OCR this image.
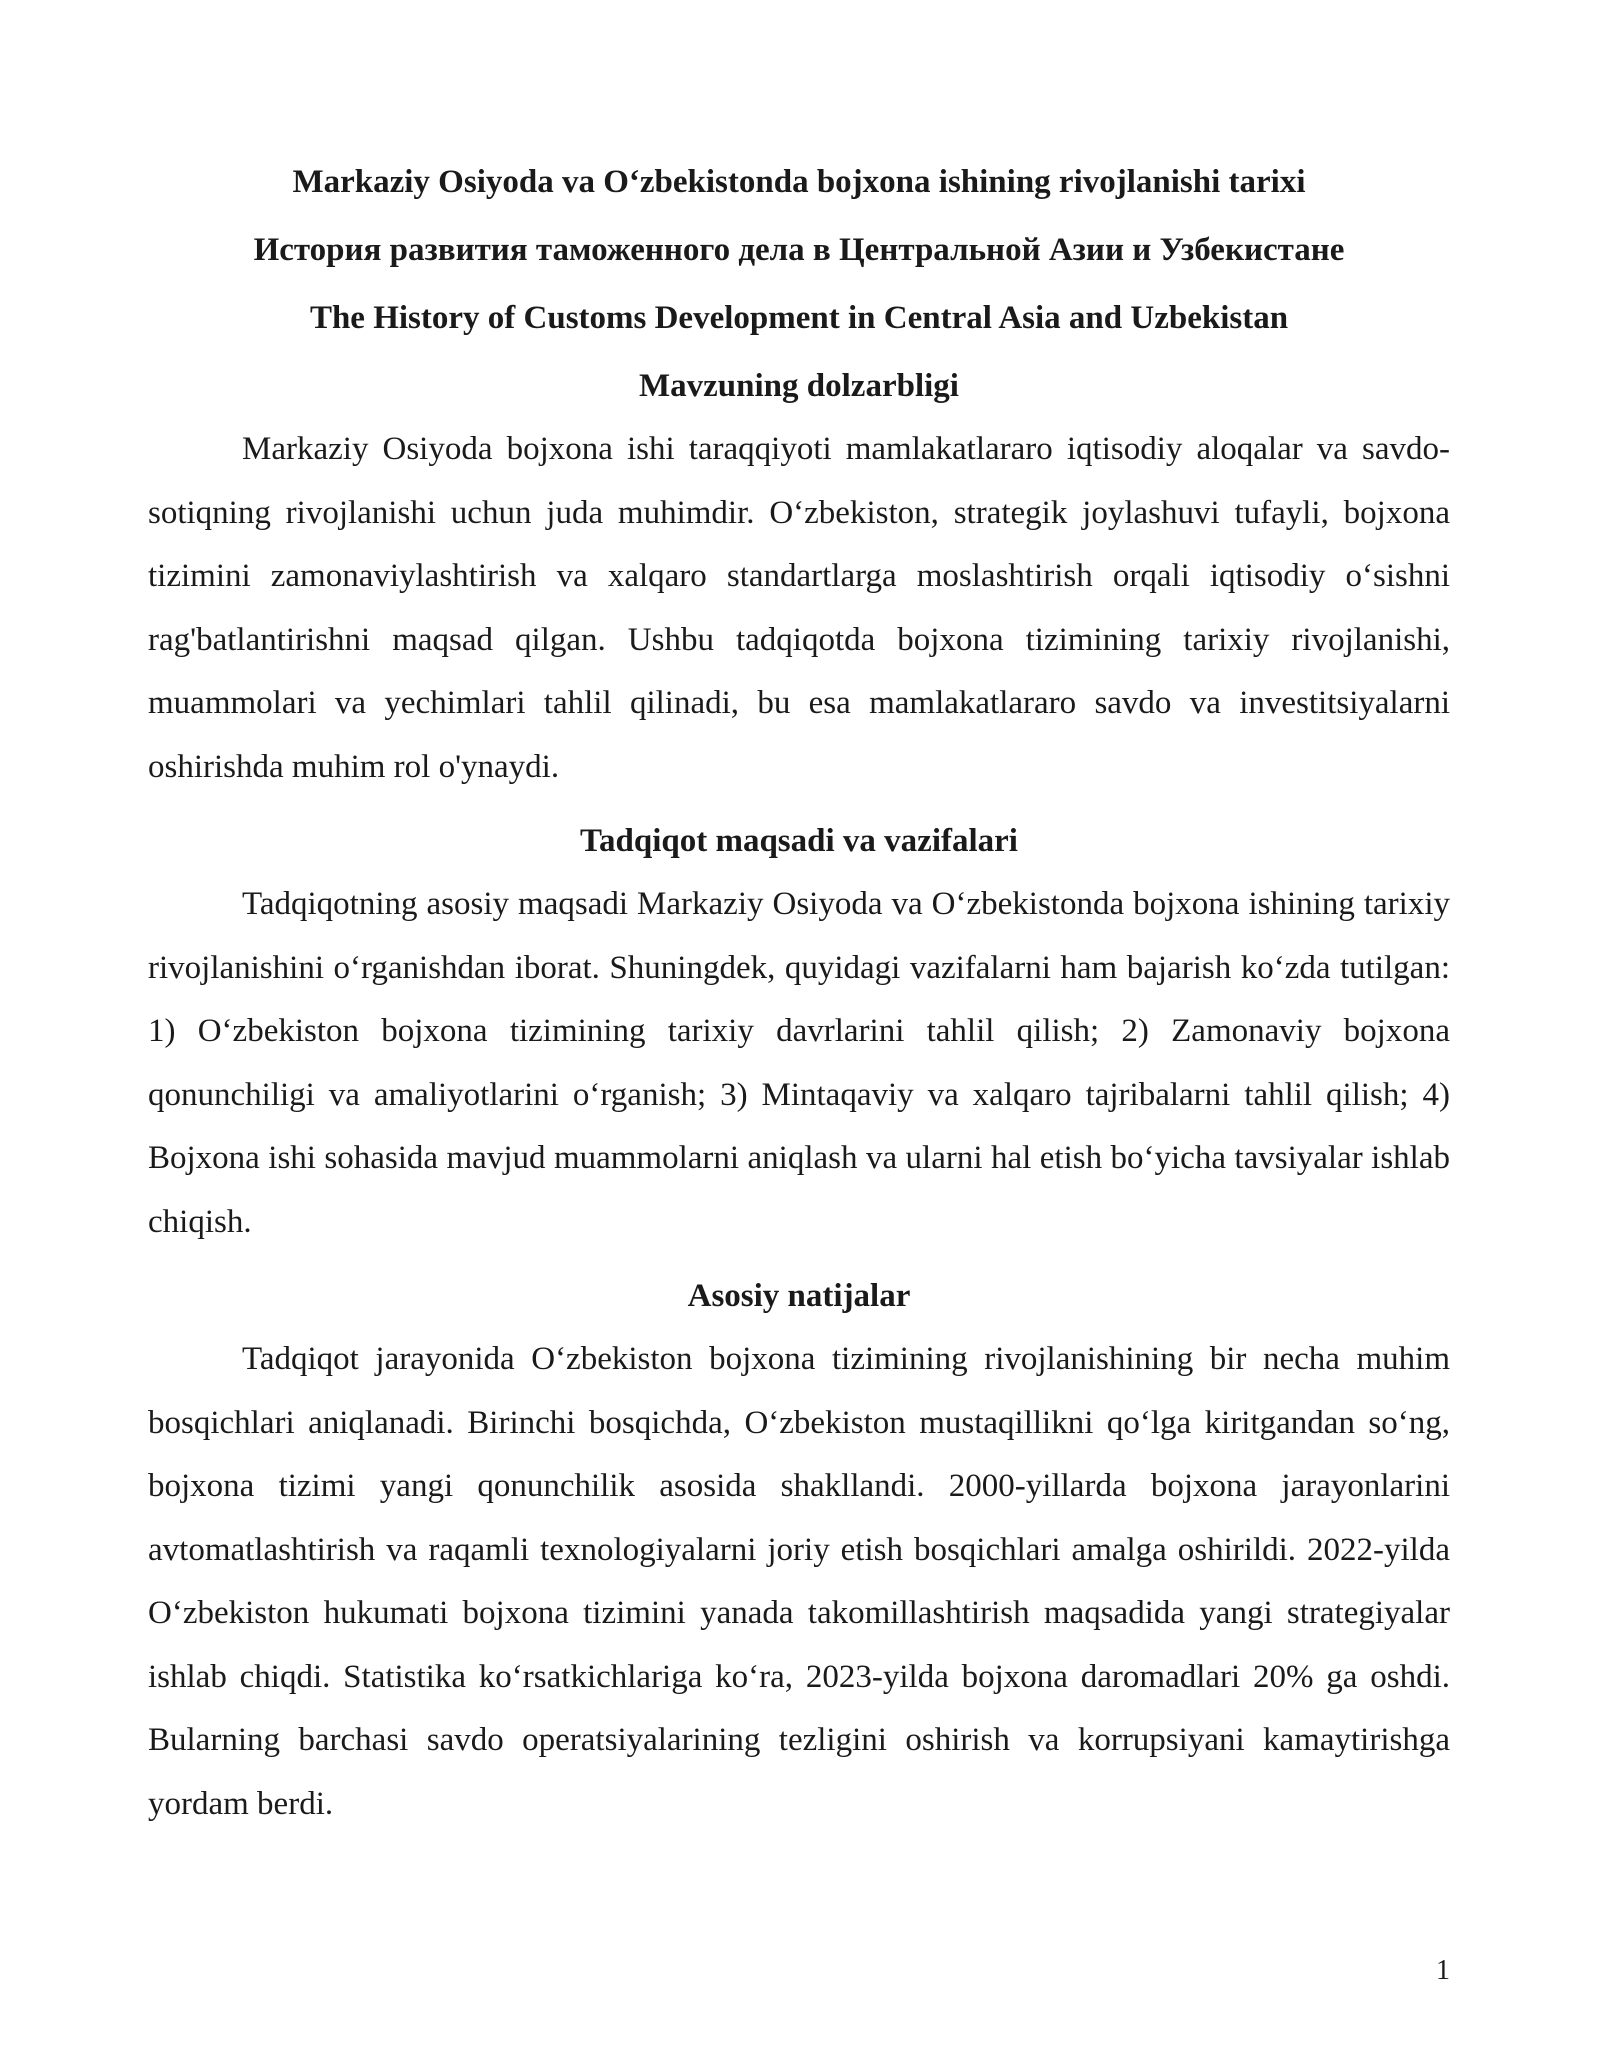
Markaziy Osiyoda va O‘zbekistonda bojxona ishining rivojlanishi tarixi
История развития таможенного дела в Центральной Азии и Узбекистане
The History of Customs Development in Central Asia and Uzbekistan
Mavzuning dolzarbligi

Markaziy Osiyoda bojxona ishi taraqqiyoti mamlakatlararo iqtisodiy aloqalar va savdo-sotiqning rivojlanishi uchun juda muhimdir. O‘zbekiston, strategik joylashuvi tufayli, bojxona tizimini zamonaviylashtirish va xalqaro standartlarga moslashtirish orqali iqtisodiy o‘sishni rag'batlantirishni maqsad qilgan. Ushbu tadqiqotda bojxona tizimining tarixiy rivojlanishi, muammolari va yechimlari tahlil qilinadi, bu esa mamlakatlararo savdo va investitsiyalarni oshirishda muhim rol o'ynaydi.

Tadqiqot maqsadi va vazifalari

Tadqiqotning asosiy maqsadi Markaziy Osiyoda va O‘zbekistonda bojxona ishining tarixiy rivojlanishini o‘rganishdan iborat. Shuningdek, quyidagi vazifalarni ham bajarish ko‘zda tutilgan: 1) O‘zbekiston bojxona tizimining tarixiy davrlarini tahlil qilish; 2) Zamonaviy bojxona qonunchiligi va amaliyotlarini o‘rganish; 3) Mintaqaviy va xalqaro tajribalarni tahlil qilish; 4) Bojxona ishi sohasida mavjud muammolarni aniqlash va ularni hal etish bo‘yicha tavsiyalar ishlab chiqish.

Asosiy natijalar

Tadqiqot jarayonida O‘zbekiston bojxona tizimining rivojlanishining bir necha muhim bosqichlari aniqlanadi. Birinchi bosqichda, O‘zbekiston mustaqillikni qo‘lga kiritgandan so‘ng, bojxona tizimi yangi qonunchilik asosida shakllandi. 2000-yillarda bojxona jarayonlarini avtomatlashtirish va raqamli texnologiyalarni joriy etish bosqichlari amalga oshirildi. 2022-yilda O‘zbekiston hukumati bojxona tizimini yanada takomillashtirish maqsadida yangi strategiyalar ishlab chiqdi. Statistika ko‘rsatkichlariga ko‘ra, 2023-yilda bojxona daromadlari 20% ga oshdi. Bularning barchasi savdo operatsiyalarining tezligini oshirish va korrupsiyani kamaytirishga yordam berdi.

1
